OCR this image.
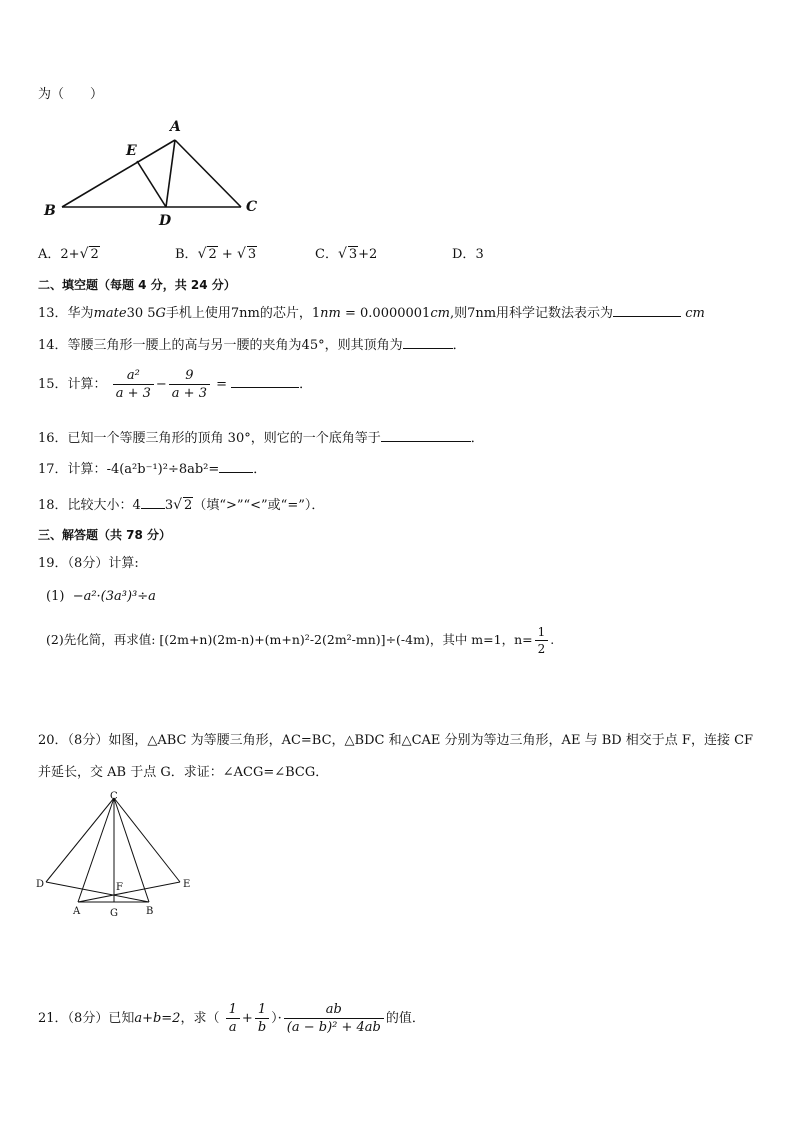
为（　　）
A
E
B
D
C
A．2+√ 2	B．√ 2 + √ 3	C．√ 3+2	D．3
二、填空题（每题 4 分，共 24 分）
13．华为mate30 5G手机上使用7nm的芯片，1nm = 0.0000001cm,则7nm用科学记数法表示为	cm
14．等腰三角形一腰上的高与另一腰的夹角为45°，则其顶角为	．
15．计算： $\frac{\text{a²}}{a + 3} - \frac{9}{a + 3}$ =	．
16．已知一个等腰三角形的顶角 30°，则它的一个底角等于	．
17．计算：-4(a²b⁻¹)²÷8ab²=	．
18．比较大小：4 3√ 2（填“>”“<”或“=”）．
三、解答题（共 78 分）
19．（8分）计算:
(1) −a²·(3a³)³÷a
(2)先化简，再求值: [(2m+n)(2m-n)+(m+n)²-2(2m²-mn)]÷(-4m)，其中 m=1，$n= \frac{1}{2}$ .
20．（8分）如图，△ABC 为等腰三角形，AC=BC，△BDC 和△CAE 分别为等边三角形，AE 与 BD 相交于点 F，连接 CF
并延长，交 AB 于点 G．求证：∠ACG=∠BCG．
C
D	E
F
A	G	B
21．（8分）已知a+b=2，求（ $\frac{1}{a} + \frac{1}{b}$ ）· $\frac{ab}{\text{(a − b)² + 4ab}}$ 的值．
